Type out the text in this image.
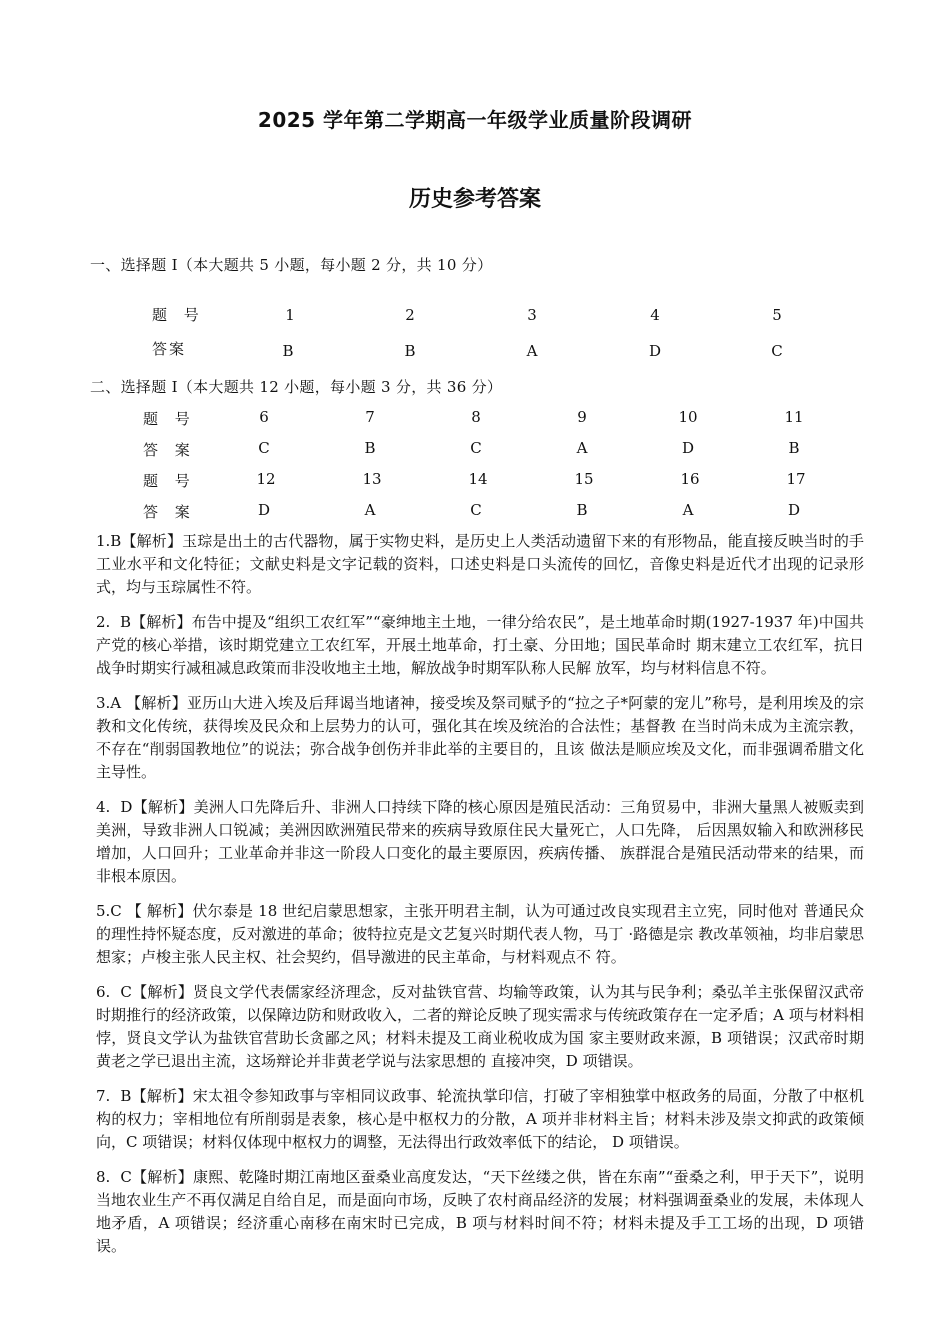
2025 学年第二学期高一年级学业质量阶段调研
历史参考答案
一、选择题 I（本大题共 5 小题，每小题 2 分，共 10 分）
题 号	1	2	3	4	5
答案	B	B	A	D	C
二、选择题 I（本大题共 12 小题，每小题 3 分，共 36 分）
题 号	6	7	8	9	10	11
答 案	C	B	C	A	D	B
题 号	12	13	14	15	16	17
答 案	D	A	C	B	A	D
1.B【解析】玉琮是出土的古代器物，属于实物史料，是历史上人类活动遗留下来的有形物品，能直接反映当时的手工业水平和文化特征；文献史料是文字记载的资料，口述史料是口头流传的回忆，音像史料是近代才出现的记录形式，均与玉琮属性不符。
2.  B【解析】布告中提及“组织工农红军”“豪绅地主土地，一律分给农民”，是土地革命时期(1927-1937 年)中国共产党的核心举措，该时期党建立工农红军，开展土地革命，打土豪、分田地；国民革命时 期末建立工农红军，抗日战争时期实行减租减息政策而非没收地主土地，解放战争时期军队称人民解 放军，均与材料信息不符。
3.A 【解析】亚历山大进入埃及后拜谒当地诸神，接受埃及祭司赋予的“拉之子*阿蒙的宠儿”称号，是利用埃及的宗教和文化传统，获得埃及民众和上层势力的认可，强化其在埃及统治的合法性；基督教 在当时尚未成为主流宗教，不存在“削弱国教地位”的说法；弥合战争创伤并非此举的主要目的，且该 做法是顺应埃及文化，而非强调希腊文化主导性。
4.  D【解析】美洲人口先降后升、非洲人口持续下降的核心原因是殖民活动：三角贸易中，非洲大量黑人被贩卖到美洲，导致非洲人口锐减；美洲因欧洲殖民带来的疾病导致原住民大量死亡，人口先降， 后因黑奴输入和欧洲移民增加，人口回升；工业革命并非这一阶段人口变化的最主要原因，疾病传播、 族群混合是殖民活动带来的结果，而非根本原因。
5.C 【 解析】伏尔泰是 18 世纪启蒙思想家，主张开明君主制，认为可通过改良实现君主立宪，同时他对 普通民众的理性持怀疑态度，反对激进的革命；彼特拉克是文艺复兴时期代表人物，马丁 ·路德是宗 教改革领袖，均非启蒙思想家；卢梭主张人民主权、社会契约，倡导激进的民主革命，与材料观点不 符。
6.  C【解析】贤良文学代表儒家经济理念，反对盐铁官营、均输等政策，认为其与民争利；桑弘羊主张保留汉武帝时期推行的经济政策，以保障边防和财政收入，二者的辩论反映了现实需求与传统政策存在一定矛盾；A 项与材料相悖，贤良文学认为盐铁官营助长贪鄙之风；材料未提及工商业税收成为国 家主要财政来源，B 项错误；汉武帝时期黄老之学已退出主流，这场辩论并非黄老学说与法家思想的 直接冲突，D 项错误。
7.  B【解析】宋太祖令参知政事与宰相同议政事、轮流执掌印信，打破了宰相独掌中枢政务的局面，分散了中枢机构的权力；宰相地位有所削弱是表象，核心是中枢权力的分散，A 项并非材料主旨；材料未涉及崇文抑武的政策倾向，C 项错误；材料仅体现中枢权力的调整，无法得出行政效率低下的结论， D 项错误。
8.  C【解析】康熙、乾隆时期江南地区蚕桑业高度发达，“天下丝缕之供，皆在东南”“蚕桑之利，甲于天下”，说明当地农业生产不再仅满足自给自足，而是面向市场，反映了农村商品经济的发展；材料强调蚕桑业的发展，未体现人地矛盾，A 项错误；经济重心南移在南宋时已完成，B 项与材料时间不符；材料未提及手工工场的出现，D 项错误。
